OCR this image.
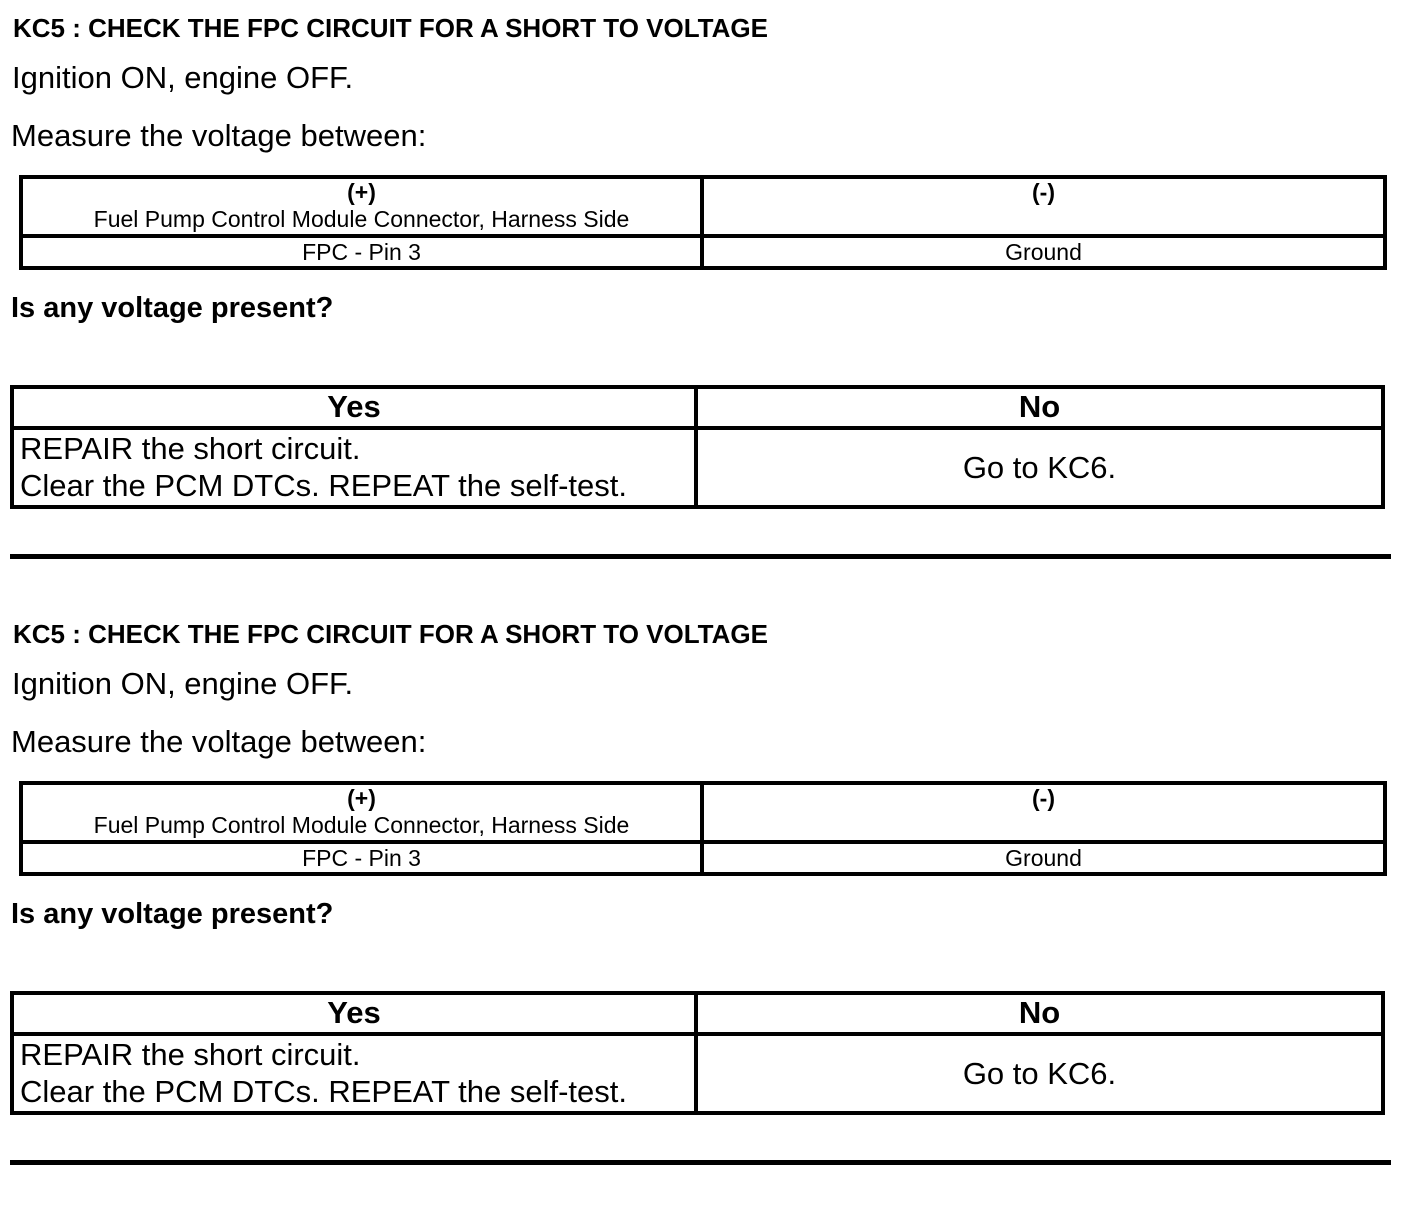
KC5 : CHECK THE FPC CIRCUIT FOR A SHORT TO VOLTAGE
Ignition ON, engine OFF.
Measure the voltage between:
(+)
Fuel Pump Control Module Connector, Harness Side	(-)

FPC - Pin 3	Ground
Is any voltage present?
Yes	No

REPAIR the short circuit.
Clear the PCM DTCs. REPEAT the self-test.	Go to KC6.
KC5 : CHECK THE FPC CIRCUIT FOR A SHORT TO VOLTAGE
Ignition ON, engine OFF.
Measure the voltage between:
(+)
Fuel Pump Control Module Connector, Harness Side	(-)

FPC - Pin 3	Ground
Is any voltage present?
Yes	No

REPAIR the short circuit.
Clear the PCM DTCs. REPEAT the self-test.	Go to KC6.
